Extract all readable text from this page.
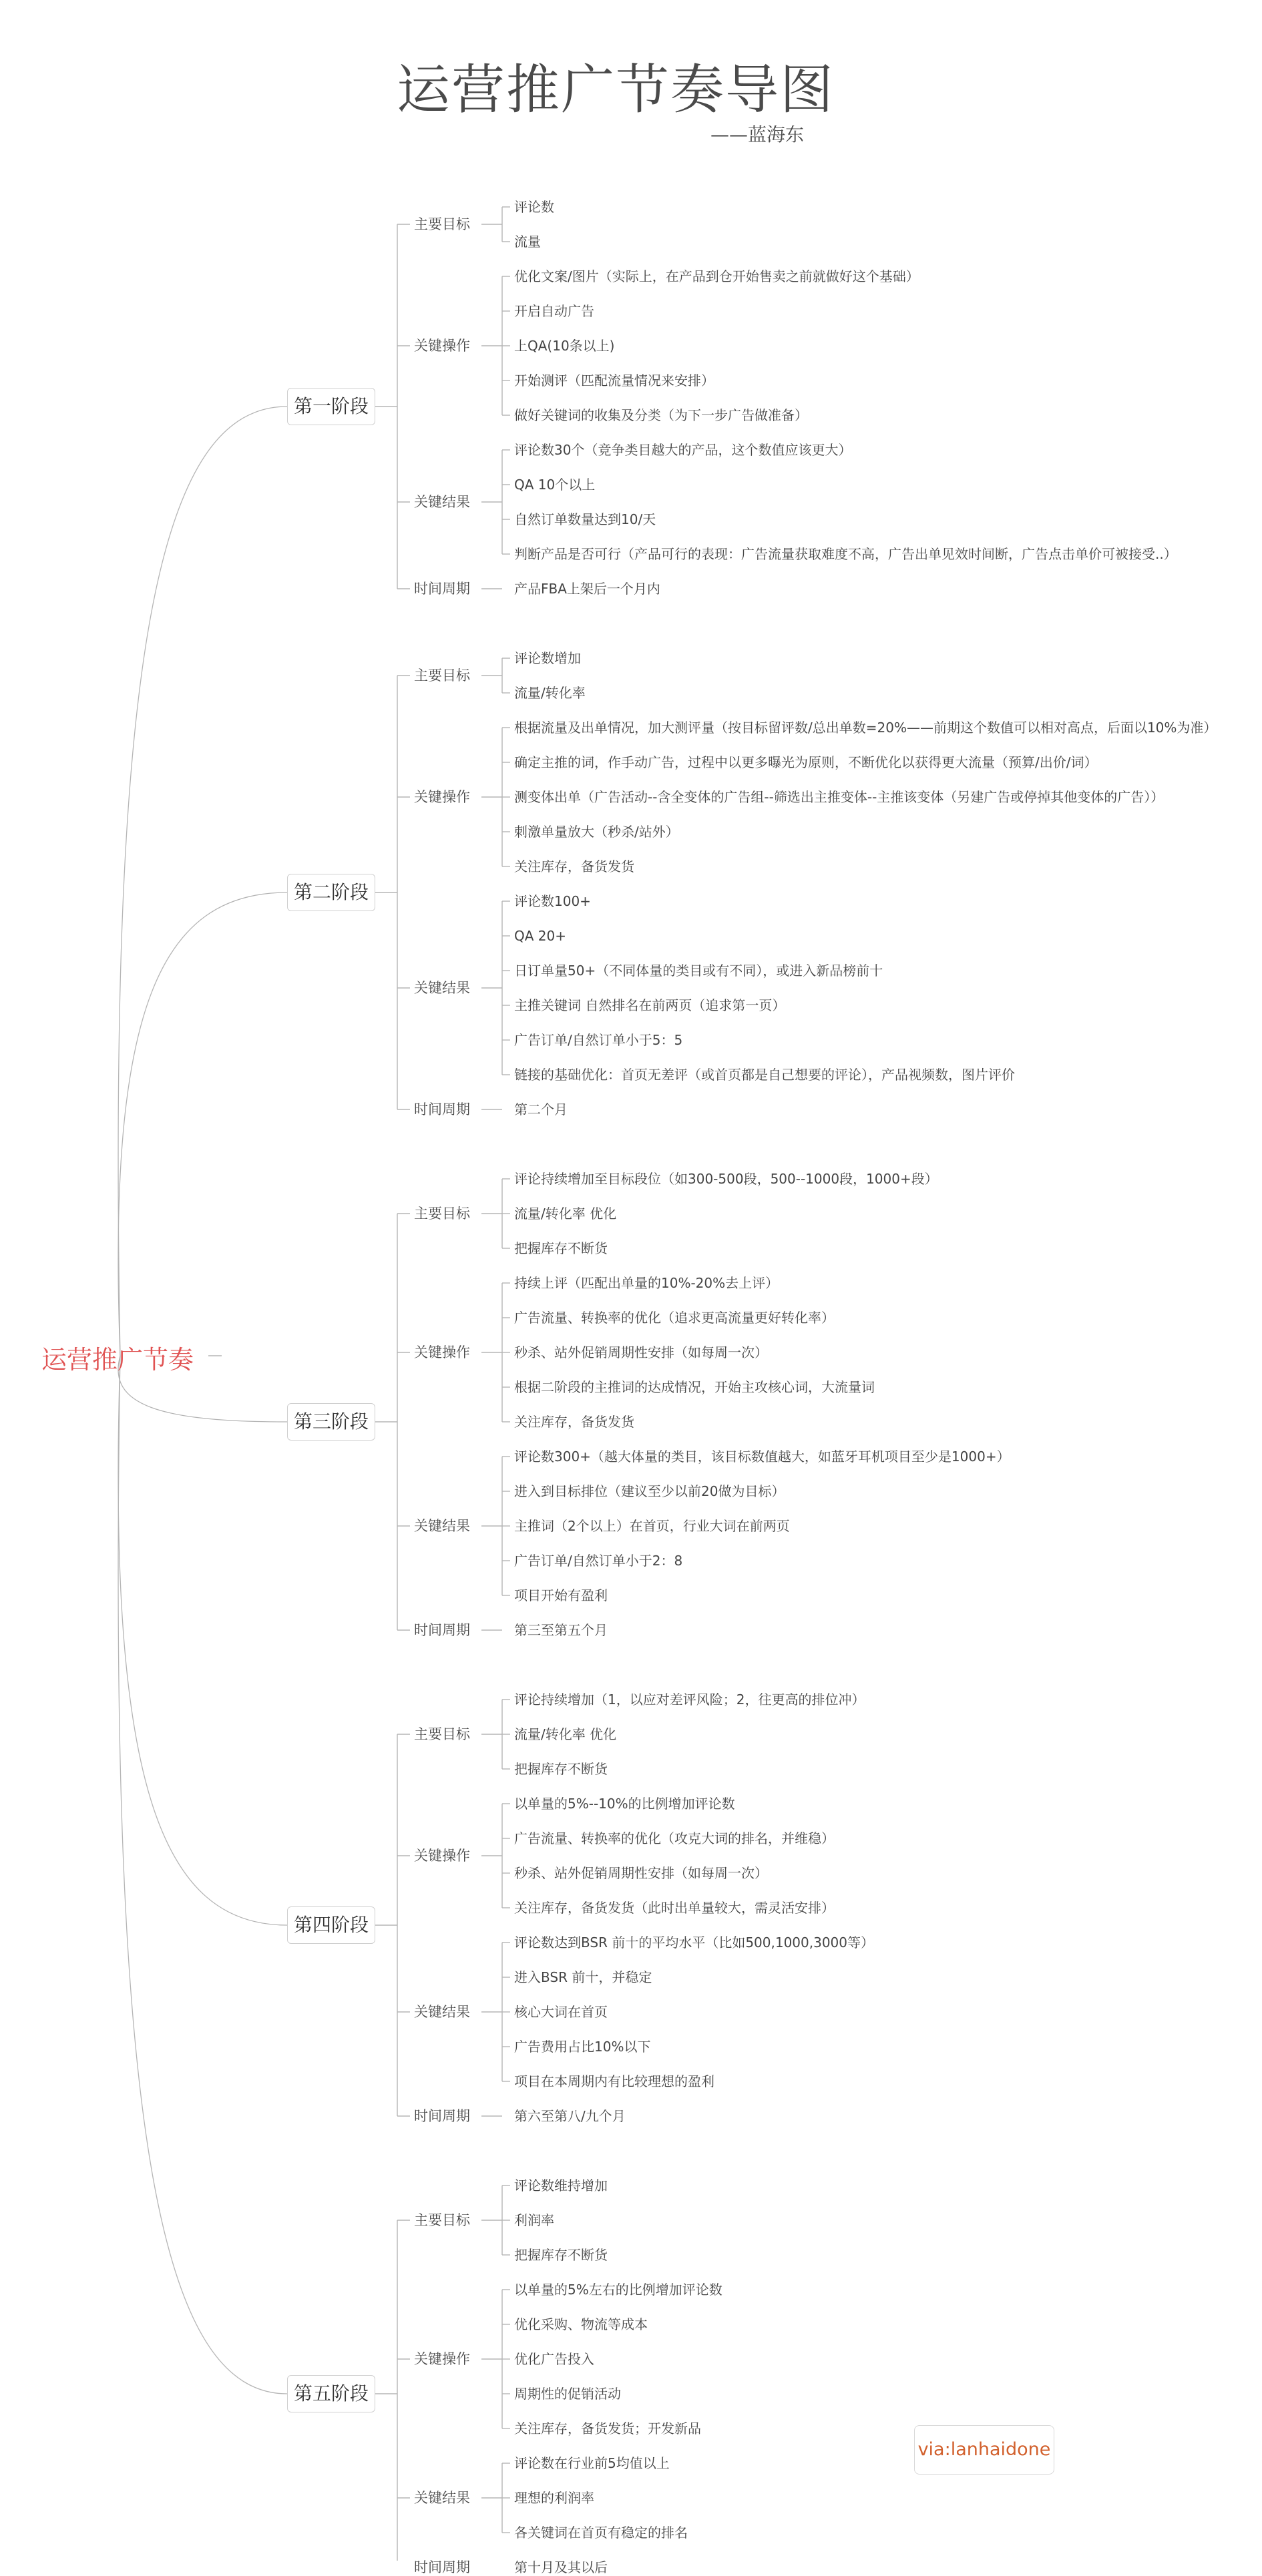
运营推广节奏导图
——蓝海东
运营推广节奏
评论数
流量
主要目标
优化文案/图片（实际上，在产品到仓开始售卖之前就做好这个基础）
开启自动广告
上QA(10条以上)
开始测评（匹配流量情况来安排）
做好关键词的收集及分类（为下一步广告做准备）
关键操作
评论数30个（竞争类目越大的产品，这个数值应该更大）
QA 10个以上
自然订单数量达到10/天
判断产品是否可行（产品可行的表现：广告流量获取难度不高，广告出单见效时间断，广告点击单价可被接受..）
关键结果
产品FBA上架后一个月内
时间周期
第一阶段
评论数增加
流量/转化率
主要目标
根据流量及出单情况，加大测评量（按目标留评数/总出单数=20%——前期这个数值可以相对高点，后面以10%为准）
确定主推的词，作手动广告，过程中以更多曝光为原则，不断优化以获得更大流量（预算/出价/词）
测变体出单（广告活动--含全变体的广告组--筛选出主推变体--主推该变体（另建广告或停掉其他变体的广告））
刺激单量放大（秒杀/站外）
关注库存，备货发货
关键操作
评论数100+
QA 20+
日订单量50+（不同体量的类目或有不同），或进入新品榜前十
主推关键词 自然排名在前两页（追求第一页）
广告订单/自然订单小于5：5
链接的基础优化：首页无差评（或首页都是自己想要的评论），产品视频数，图片评价
关键结果
第二个月
时间周期
第二阶段
评论持续增加至目标段位（如300-500段，500--1000段，1000+段）
流量/转化率 优化
把握库存不断货
主要目标
持续上评（匹配出单量的10%-20%去上评）
广告流量、转换率的优化（追求更高流量更好转化率）
秒杀、站外促销周期性安排（如每周一次）
根据二阶段的主推词的达成情况，开始主攻核心词，大流量词
关注库存，备货发货
关键操作
评论数300+（越大体量的类目，该目标数值越大，如蓝牙耳机项目至少是1000+）
进入到目标排位（建议至少以前20做为目标）
主推词（2个以上）在首页，行业大词在前两页
广告订单/自然订单小于2：8
项目开始有盈利
关键结果
第三至第五个月
时间周期
第三阶段
评论持续增加（1，以应对差评风险；2，往更高的排位冲）
流量/转化率 优化
把握库存不断货
主要目标
以单量的5%--10%的比例增加评论数
广告流量、转换率的优化（攻克大词的排名，并维稳）
秒杀、站外促销周期性安排（如每周一次）
关注库存，备货发货（此时出单量较大，需灵活安排）
关键操作
评论数达到BSR 前十的平均水平（比如500,1000,3000等）
进入BSR 前十，并稳定
核心大词在首页
广告费用占比10%以下
项目在本周期内有比较理想的盈利
关键结果
第六至第八/九个月
时间周期
第四阶段
评论数维持增加
利润率
把握库存不断货
主要目标
以单量的5%左右的比例增加评论数
优化采购、物流等成本
优化广告投入
周期性的促销活动
关注库存，备货发货；开发新品
关键操作
评论数在行业前5均值以上
理想的利润率
各关键词在首页有稳定的排名
关键结果
第十月及其以后
时间周期
第五阶段
via:lanhaidone
